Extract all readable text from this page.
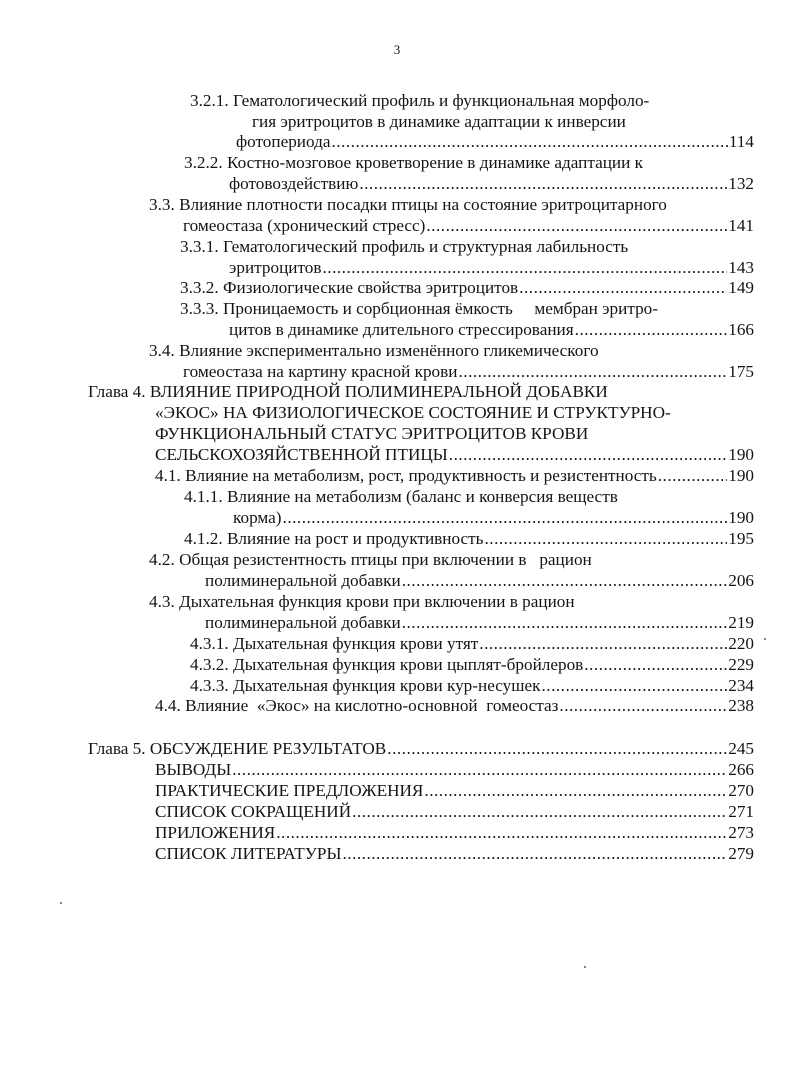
3
3.2.1. Гематологический профиль и функциональная морфоло-
гия эритроцитов в динамике адаптации к инверсии
фотопериода .....	114
3.2.2. Костно-мозговое кроветворение в динамике адаптации к
фотовоздействию .....	132
3.3. Влияние плотности посадки птицы на состояние эритроцитарного
гомеостаза (хронический стресс) .....	141
3.3.1. Гематологический профиль и структурная лабильность
эритроцитов .....	143
3.3.2. Физиологические свойства эритроцитов .....	149
3.3.3. Проницаемость и сорбционная ёмкость     мембран эритро-
цитов в динамике длительного стрессирования .....	166
3.4. Влияние экспериментально изменённого гликемического
гомеостаза на картину красной крови .....	175
Глава 4. ВЛИЯНИЕ ПРИРОДНОЙ ПОЛИМИНЕРАЛЬНОЙ ДОБАВКИ
«ЭКОС» НА ФИЗИОЛОГИЧЕСКОЕ СОСТОЯНИЕ И СТРУКТУРНО-
ФУНКЦИОНАЛЬНЫЙ СТАТУС ЭРИТРОЦИТОВ КРОВИ
СЕЛЬСКОХОЗЯЙСТВЕННОЙ ПТИЦЫ .....	190
4.1. Влияние на метаболизм, рост, продуктивность и резистентность .....	190
4.1.1. Влияние на метаболизм (баланс и конверсия веществ
корма) .....	190
4.1.2. Влияние на рост и продуктивность .....	195
4.2. Общая резистентность птицы при включении в   рацион
полиминеральной добавки .....	206
4.3. Дыхательная функция крови при включении в рацион
полиминеральной добавки .....	219
4.3.1. Дыхательная функция крови утят .....	220
4.3.2. Дыхательная функция крови цыплят-бройлеров .....	229
4.3.3. Дыхательная функция крови кур-несушек .....	234
4.4. Влияние  «Экос» на кислотно-основной  гомеостаз .....	238
Глава 5. ОБСУЖДЕНИЕ РЕЗУЛЬТАТОВ .....	245
ВЫВОДЫ .....	266
ПРАКТИЧЕСКИЕ ПРЕДЛОЖЕНИЯ .....	270
СПИСОК СОКРАЩЕНИЙ .....	271
ПРИЛОЖЕНИЯ .....	273
СПИСОК ЛИТЕРАТУРЫ .....	279
